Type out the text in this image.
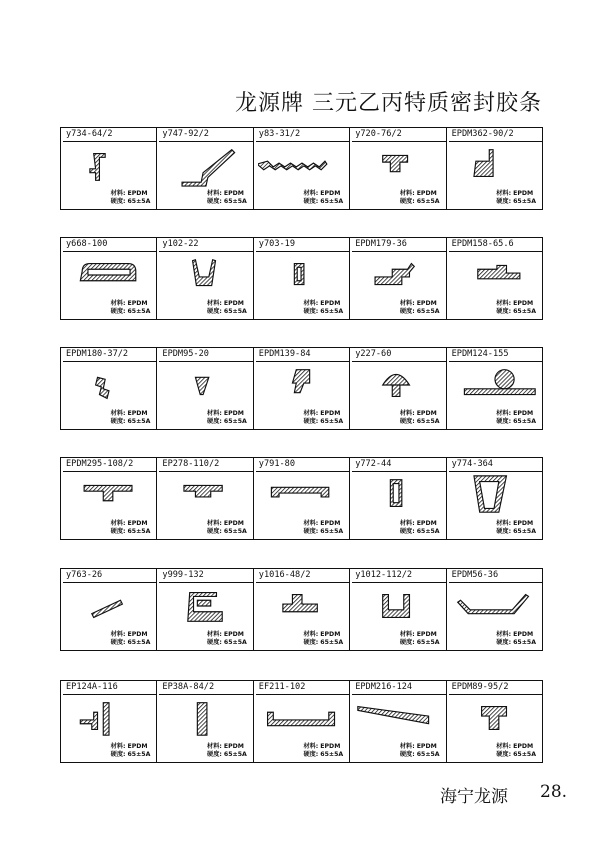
龙源牌 三元乙丙特质密封胶条
y734-64/2
材料: EPDM
硬度: 65±5A
y747-92/2
材料: EPDM
硬度: 65±5A
y83-31/2
材料: EPDM
硬度: 65±5A
y720-76/2
材料: EPDM
硬度: 65±5A
EPDM362-90/2
材料: EPDM
硬度: 65±5A
y668-100
材料: EPDM
硬度: 65±5A
y102-22
材料: EPDM
硬度: 65±5A
y703-19
材料: EPDM
硬度: 65±5A
EPDM179-36
材料: EPDM
硬度: 65±5A
EPDM158-65.6
材料: EPDM
硬度: 65±5A
EPDM180-37/2
材料: EPDM
硬度: 65±5A
EPDM95-20
材料: EPDM
硬度: 65±5A
EPDM139-84
材料: EPDM
硬度: 65±5A
y227-60
材料: EPDM
硬度: 65±5A
EPDM124-155
材料: EPDM
硬度: 65±5A
EPDM295-108/2
材料: EPDM
硬度: 65±5A
EP278-110/2
材料: EPDM
硬度: 65±5A
y791-80
材料: EPDM
硬度: 65±5A
y772-44
材料: EPDM
硬度: 65±5A
y774-364
材料: EPDM
硬度: 65±5A
y763-26
材料: EPDM
硬度: 65±5A
y999-132
材料: EPDM
硬度: 65±5A
y1016-48/2
材料: EPDM
硬度: 65±5A
y1012-112/2
材料: EPDM
硬度: 65±5A
EPDM56-36
材料: EPDM
硬度: 65±5A
EP124A-116
材料: EPDM
硬度: 65±5A
EP38A-84/2
材料: EPDM
硬度: 65±5A
EF211-102
材料: EPDM
硬度: 65±5A
EPDM216-124
材料: EPDM
硬度: 65±5A
EPDM89-95/2
材料: EPDM
硬度: 65±5A
海宁龙源 28.
